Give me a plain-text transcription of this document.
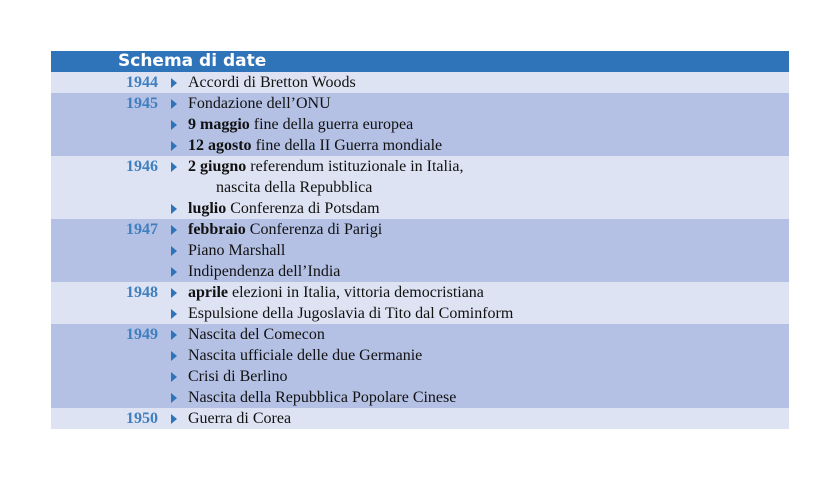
Schema di date
1944 Accordi di Bretton Woods
1945 Fondazione dell’ONU
9 maggio fine della guerra europea
12 agosto fine della II Guerra mondiale
1946 2 giugno referendum istituzionale in Italia,
nascita della Repubblica
luglio Conferenza di Potsdam
1947 febbraio Conferenza di Parigi
Piano Marshall
Indipendenza dell’India
1948 aprile elezioni in Italia, vittoria democristiana
Espulsione della Jugoslavia di Tito dal Cominform
1949 Nascita del Comecon
Nascita ufficiale delle due Germanie
Crisi di Berlino
Nascita della Repubblica Popolare Cinese
1950 Guerra di Corea
